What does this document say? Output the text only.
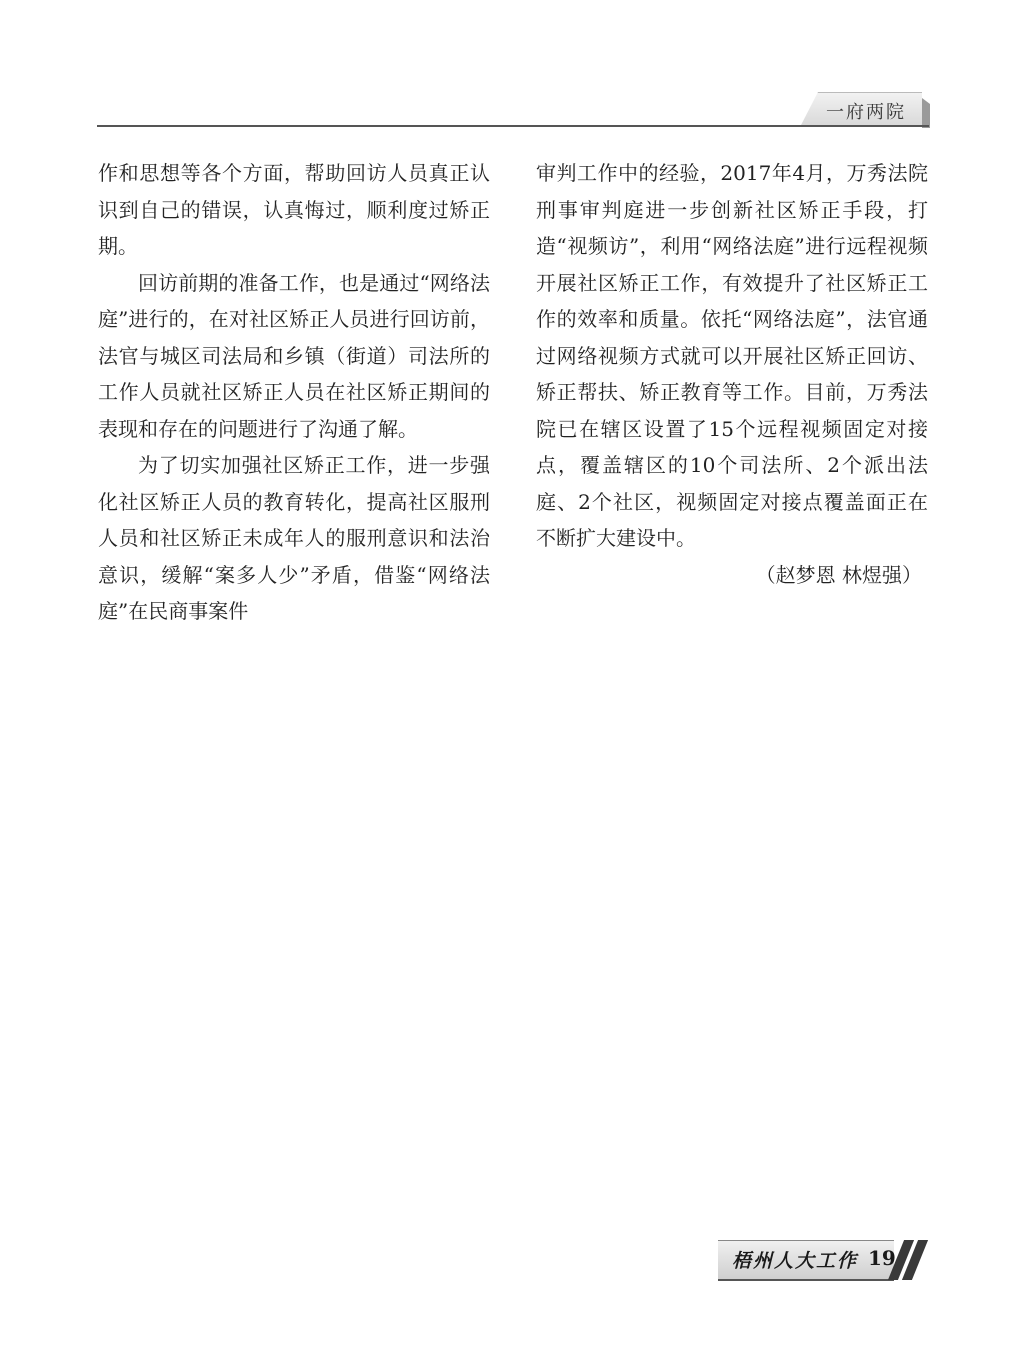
一府两院

作和思想等各个方面，帮助回访人员真正认识到自己的错误，认真悔过，顺利度过矫正期。

回访前期的准备工作，也是通过“网络法庭”进行的，在对社区矫正人员进行回访前，法官与城区司法局和乡镇（街道）司法所的工作人员就社区矫正人员在社区矫正期间的表现和存在的问题进行了沟通了解。

为了切实加强社区矫正工作，进一步强化社区矫正人员的教育转化，提高社区服刑人员和社区矫正未成年人的服刑意识和法治意识，缓解“案多人少”矛盾，借鉴“网络法庭”在民商事案件

审判工作中的经验，2017年4月，万秀法院刑事审判庭进一步创新社区矫正手段，打造“视频访”，利用“网络法庭”进行远程视频开展社区矫正工作，有效提升了社区矫正工作的效率和质量。依托“网络法庭”，法官通过网络视频方式就可以开展社区矫正回访、矫正帮扶、矫正教育等工作。目前，万秀法院已在辖区设置了15个远程视频固定对接点，覆盖辖区的10个司法所、2个派出法庭、2个社区，视频固定对接点覆盖面正在不断扩大建设中。

（赵梦恩 林煜强）

梧州人大工作 19
